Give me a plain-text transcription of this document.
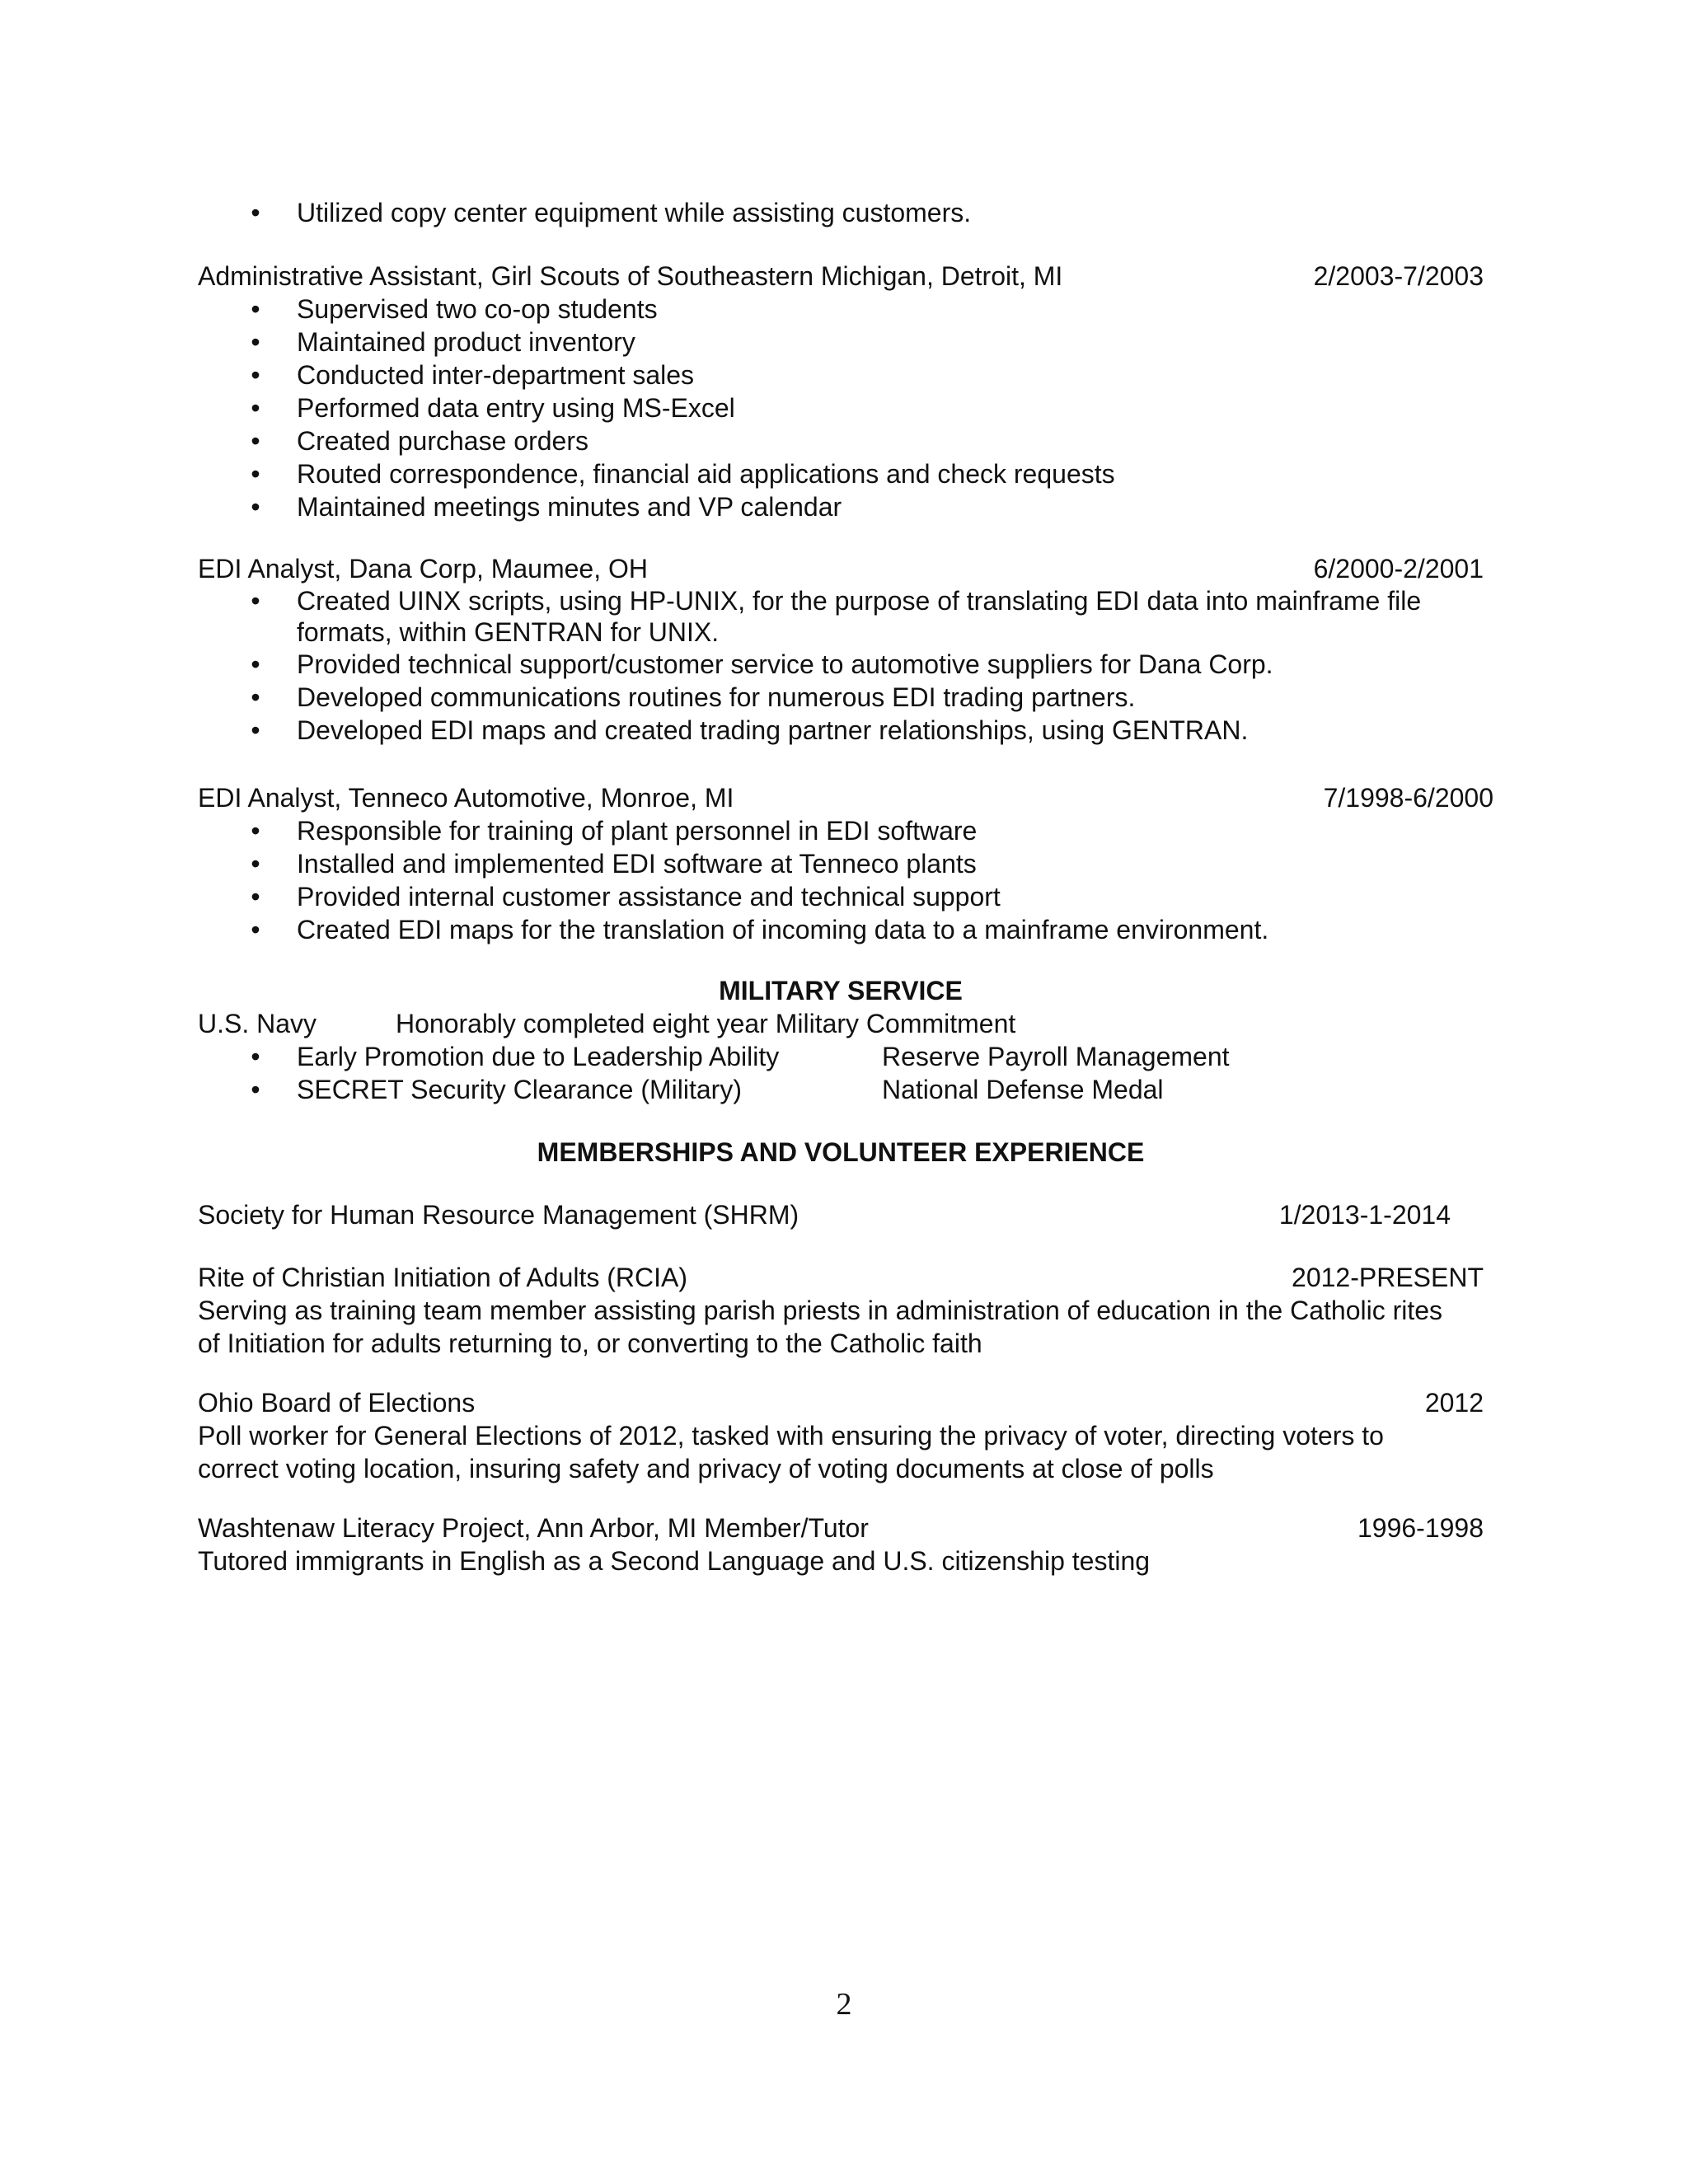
• Utilized copy center equipment while assisting customers.
Administrative Assistant, Girl Scouts of Southeastern Michigan, Detroit, MI	2/2003-7/2003
• Supervised two co-op students
• Maintained product inventory
• Conducted inter-department sales
• Performed data entry using MS-Excel
• Created purchase orders
• Routed correspondence, financial aid applications and check requests
• Maintained meetings minutes and VP calendar
EDI Analyst, Dana Corp, Maumee, OH	6/2000-2/2001
• Created UINX scripts, using HP-UNIX, for the purpose of translating EDI data into mainframe file formats, within GENTRAN for UNIX.
• Provided technical support/customer service to automotive suppliers for Dana Corp.
• Developed communications routines for numerous EDI trading partners.
• Developed EDI maps and created trading partner relationships, using GENTRAN.
EDI Analyst, Tenneco Automotive, Monroe, MI	7/1998-6/2000
• Responsible for training of plant personnel in EDI software
• Installed and implemented EDI software at Tenneco plants
• Provided internal customer assistance and technical support
• Created EDI maps for the translation of incoming data to a mainframe environment.
MILITARY SERVICE
U.S. Navy	Honorably completed eight year Military Commitment
• Early Promotion due to Leadership Ability	Reserve Payroll Management
• SECRET Security Clearance (Military)	National Defense Medal
MEMBERSHIPS AND VOLUNTEER EXPERIENCE
Society for Human Resource Management (SHRM)	1/2013-1-2014
Rite of Christian Initiation of Adults (RCIA)	2012-PRESENT
Serving as training team member assisting parish priests in administration of education in the Catholic rites of Initiation for adults returning to, or converting to the Catholic faith
Ohio Board of Elections	2012
Poll worker for General Elections of 2012, tasked with ensuring the privacy of voter, directing voters to correct voting location, insuring safety and privacy of voting documents at close of polls
Washtenaw Literacy Project, Ann Arbor, MI Member/Tutor	1996-1998
Tutored immigrants in English as a Second Language and U.S. citizenship testing
2
